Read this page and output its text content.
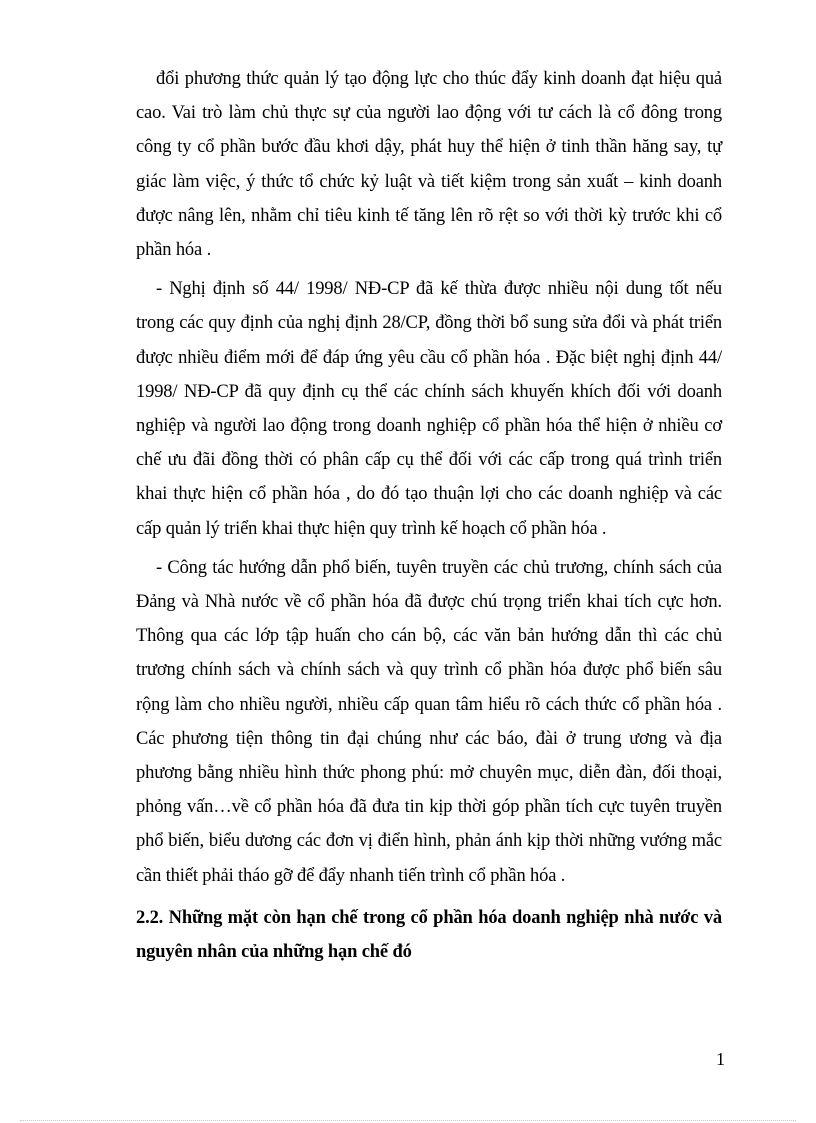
đổi phương thức quản lý tạo động lực cho thúc đẩy kinh doanh đạt hiệu quả cao. Vai trò làm chủ thực sự của người lao động với tư cách là cổ đông trong công ty cổ phần bước đầu khơi dậy, phát huy thể hiện ở tinh thần hăng say, tự giác làm việc, ý thức tổ chức kỷ luật và tiết kiệm trong sản xuất – kinh doanh được nâng lên, nhằm chỉ tiêu kinh tế tăng lên rõ rệt so với thời kỳ trước khi cổ phần hóa .

- Nghị định số 44/ 1998/ NĐ-CP đã kế thừa được nhiều nội dung tốt nếu trong các quy định của nghị định 28/CP, đồng thời bổ sung sửa đổi và phát triển được nhiều điểm mới để đáp ứng yêu cầu cổ phần hóa . Đặc biệt nghị định 44/ 1998/ NĐ-CP đã quy định cụ thể các chính sách khuyến khích đối với doanh nghiệp và người lao động trong doanh nghiệp cổ phần hóa thể hiện ở nhiều cơ chế ưu đãi đồng thời có phân cấp cụ thể đối với các cấp trong quá trình triển khai thực hiện cổ phần hóa , do đó tạo thuận lợi cho các doanh nghiệp và các cấp quản lý triển khai thực hiện quy trình kế hoạch cổ phần hóa .

- Công tác hướng dẫn phổ biến, tuyên truyền các chủ trương, chính sách của Đảng và Nhà nước về cổ phần hóa đã được chú trọng triển khai tích cực hơn. Thông qua các lớp tập huấn cho cán bộ, các văn bản hướng dẫn thì các chủ trương chính sách và chính sách và quy trình cổ phần hóa được phổ biến sâu rộng làm cho nhiều người, nhiều cấp quan tâm hiểu rõ cách thức cổ phần hóa . Các phương tiện thông tin đại chúng như các báo, đài ở trung ương và địa phương bằng nhiều hình thức phong phú: mở chuyên mục, diễn đàn, đối thoại, phỏng vấn…về cổ phần hóa đã đưa tin kịp thời góp phần tích cực tuyên truyền phổ biến, biểu dương các đơn vị điển hình, phản ánh kịp thời những vướng mắc cần thiết phải tháo gỡ để đẩy nhanh tiến trình cổ phần hóa .

2.2. Những mặt còn hạn chế trong cổ phần hóa doanh nghiệp nhà nước và nguyên nhân của những hạn chế đó

1
